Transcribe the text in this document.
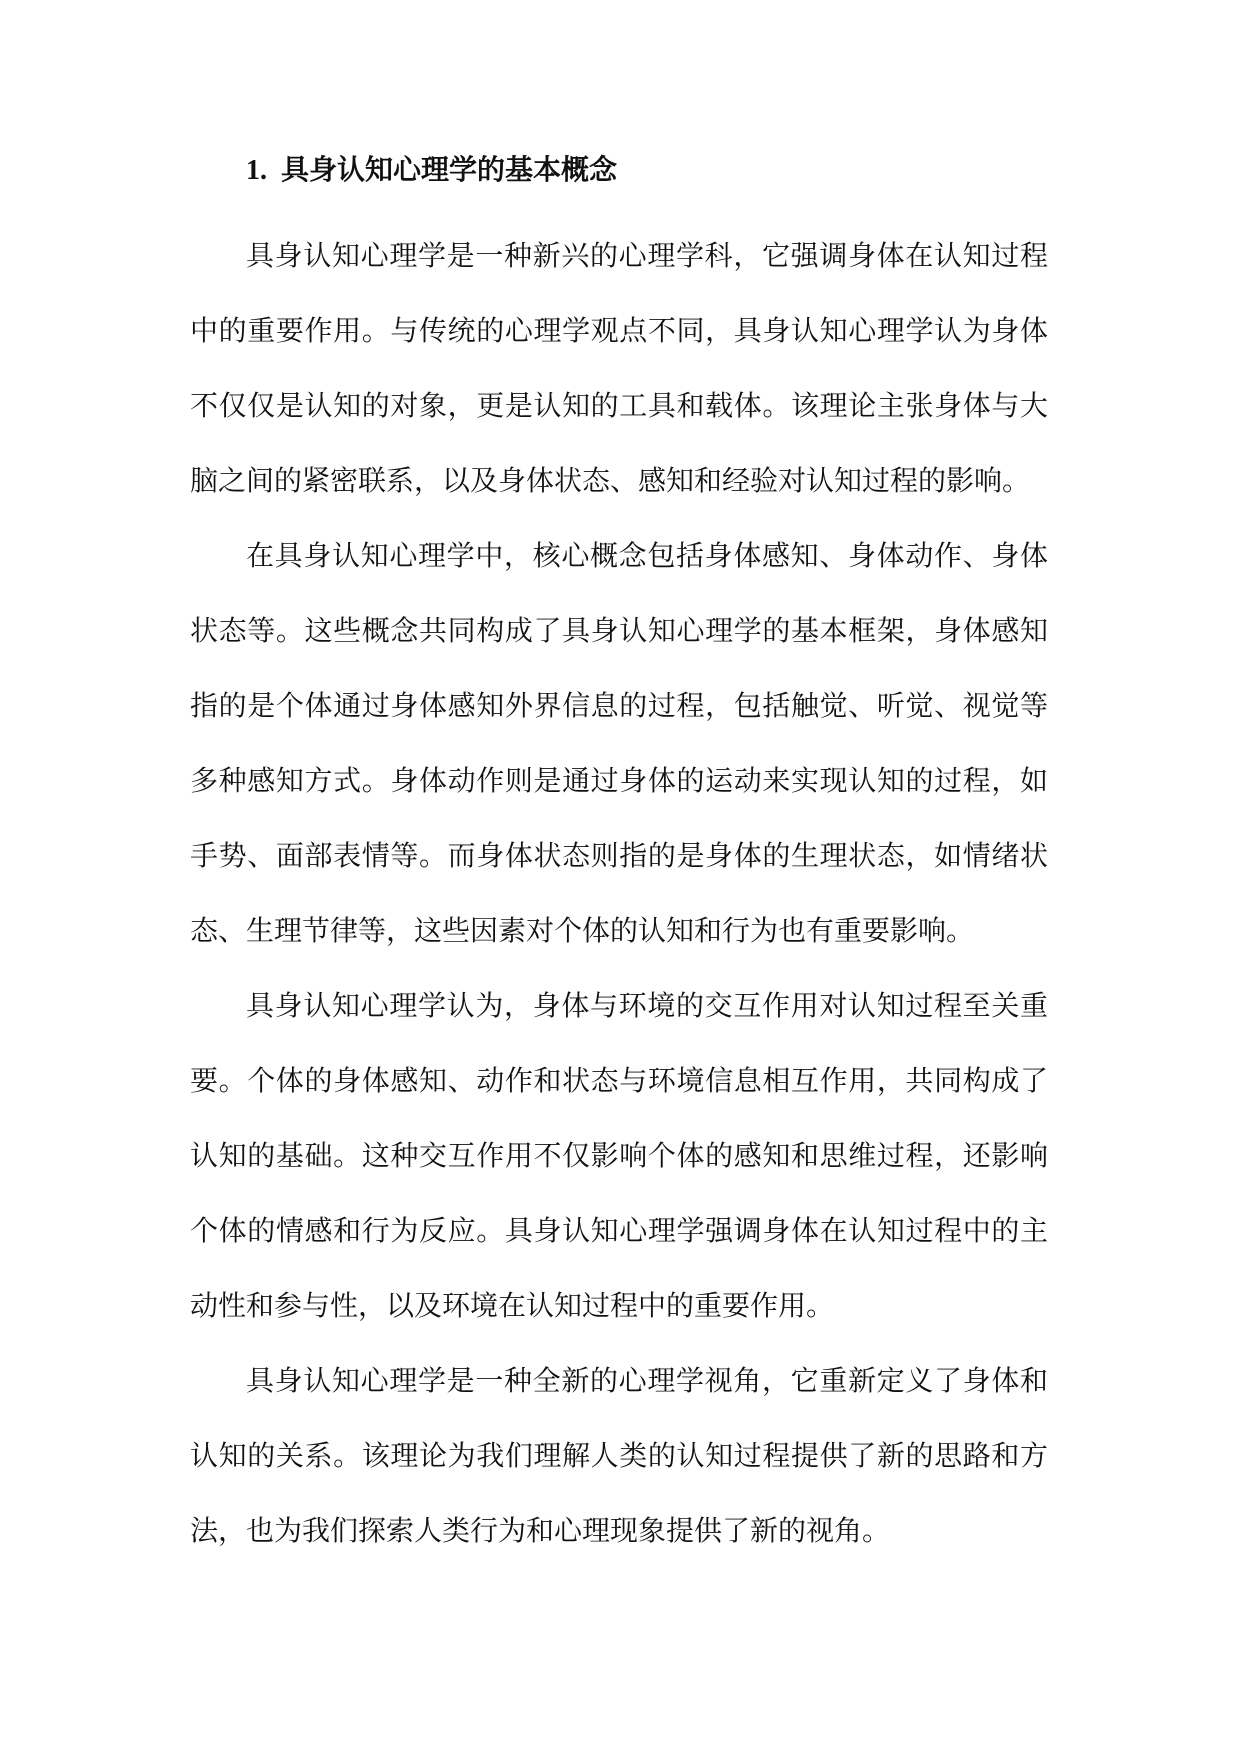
1. 具身认知心理学的基本概念

具身认知心理学是一种新兴的心理学科，它强调身体在认知过程中的重要作用。与传统的心理学观点不同，具身认知心理学认为身体不仅仅是认知的对象，更是认知的工具和载体。该理论主张身体与大脑之间的紧密联系，以及身体状态、感知和经验对认知过程的影响。

在具身认知心理学中，核心概念包括身体感知、身体动作、身体状态等。这些概念共同构成了具身认知心理学的基本框架，身体感知指的是个体通过身体感知外界信息的过程，包括触觉、听觉、视觉等多种感知方式。身体动作则是通过身体的运动来实现认知的过程，如手势、面部表情等。而身体状态则指的是身体的生理状态，如情绪状态、生理节律等，这些因素对个体的认知和行为也有重要影响。

具身认知心理学认为，身体与环境的交互作用对认知过程至关重要。个体的身体感知、动作和状态与环境信息相互作用，共同构成了认知的基础。这种交互作用不仅影响个体的感知和思维过程，还影响个体的情感和行为反应。具身认知心理学强调身体在认知过程中的主动性和参与性，以及环境在认知过程中的重要作用。

具身认知心理学是一种全新的心理学视角，它重新定义了身体和认知的关系。该理论为我们理解人类的认知过程提供了新的思路和方法，也为我们探索人类行为和心理现象提供了新的视角。
